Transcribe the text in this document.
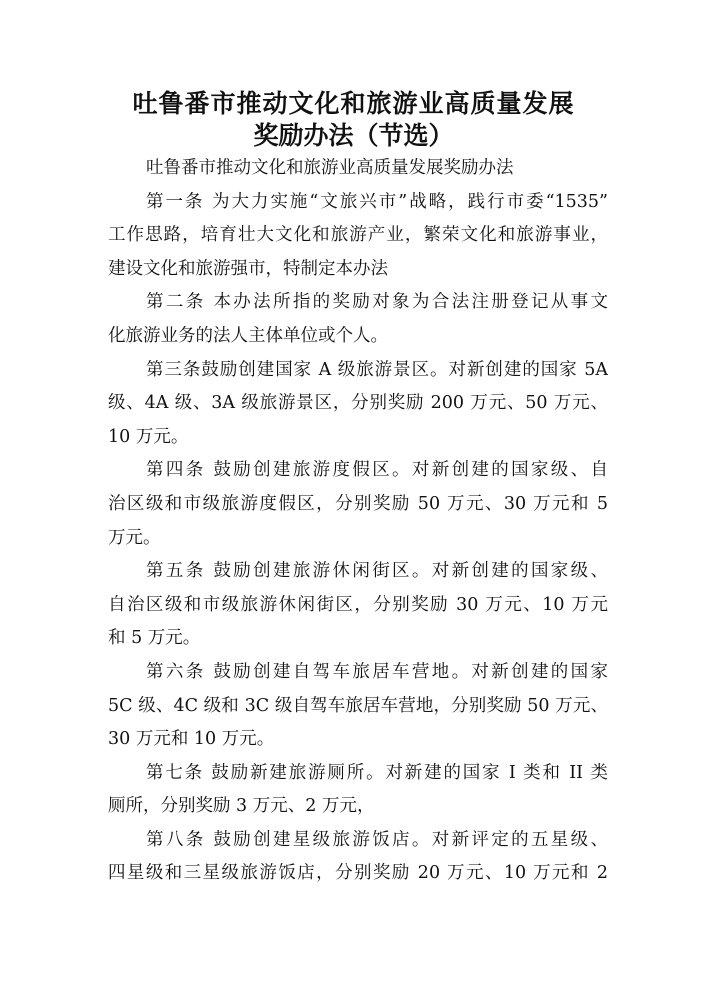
吐鲁番市推动文化和旅游业高质量发展
奖励办法（节选）
吐鲁番市推动文化和旅游业高质量发展奖励办法
第一条 为大力实施“文旅兴市”战略，践行市委“1535”
工作思路，培育壮大文化和旅游产业，繁荣文化和旅游事业，
建设文化和旅游强市，特制定本办法
第二条 本办法所指的奖励对象为合法注册登记从事文
化旅游业务的法人主体单位或个人。
第三条鼓励创建国家 A 级旅游景区。对新创建的国家 5A
级、4A 级、3A 级旅游景区，分别奖励 200 万元、50 万元、
10 万元。
第四条 鼓励创建旅游度假区。对新创建的国家级、自
治区级和市级旅游度假区，分别奖励 50 万元、30 万元和 5
万元。
第五条 鼓励创建旅游休闲街区。对新创建的国家级、
自治区级和市级旅游休闲街区，分别奖励 30 万元、10 万元
和 5 万元。
第六条 鼓励创建自驾车旅居车营地。对新创建的国家
5C 级、4C 级和 3C 级自驾车旅居车营地，分别奖励 50 万元、
30 万元和 10 万元。
第七条 鼓励新建旅游厕所。对新建的国家 I 类和 II 类
厕所，分别奖励 3 万元、2 万元，
第八条 鼓励创建星级旅游饭店。对新评定的五星级、
四星级和三星级旅游饭店，分别奖励 20 万元、10 万元和 2
